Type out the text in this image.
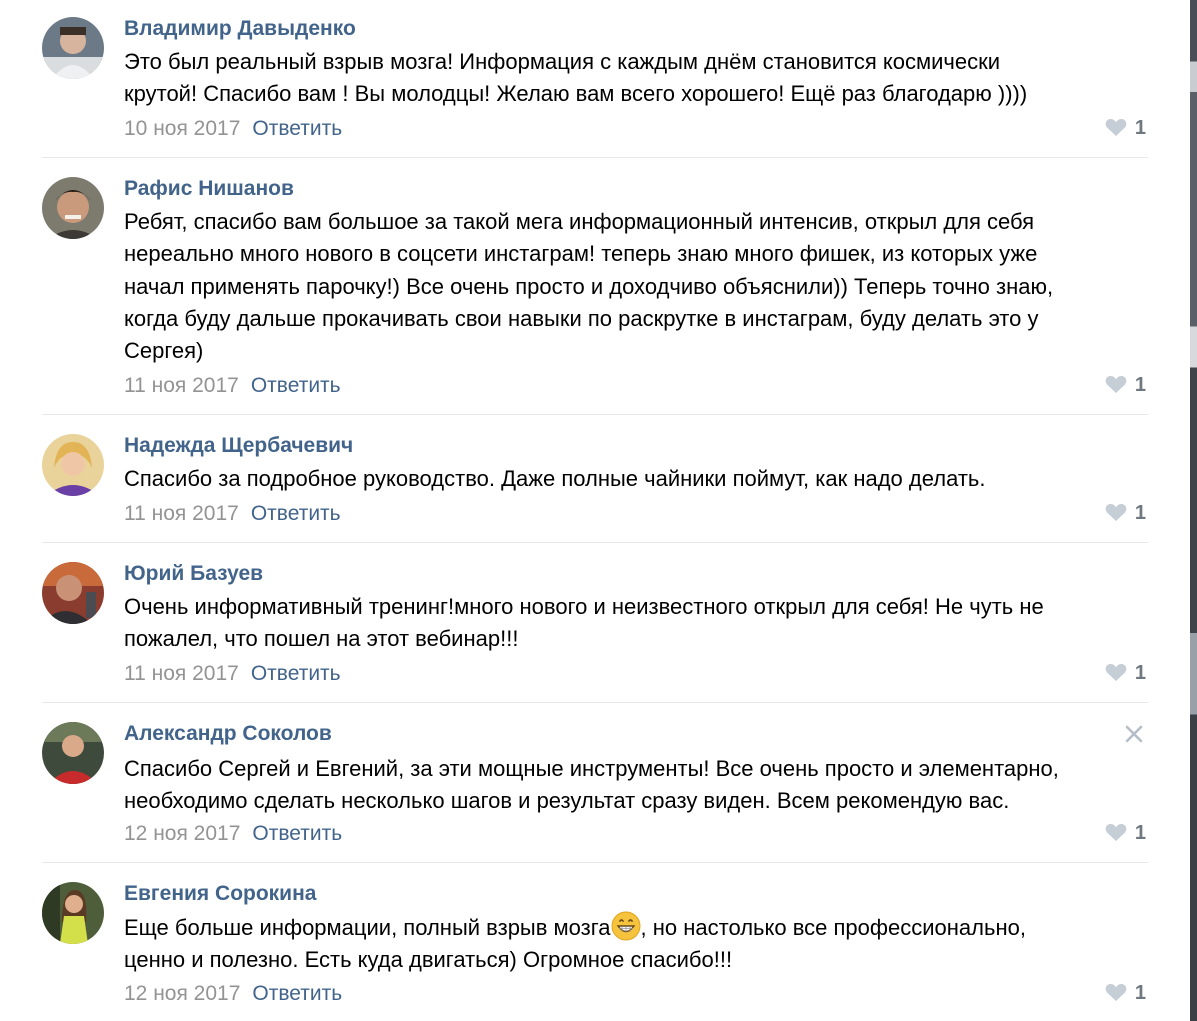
Владимир Давыденко
Это был реальный взрыв мозга! Информация с каждым днём становится космически
крутой! Спасибо вам ! Вы молодцы! Желаю вам всего хорошего! Ещё раз благодарю ))))
10 ноя 2017 Ответить	1
Рафис Нишанов
Ребят, спасибо вам большое за такой мега информационный интенсив, открыл для себя
нереально много нового в соцсети инстаграм! теперь знаю много фишек, из которых уже
начал применять парочку!) Все очень просто и доходчиво объяснили)) Теперь точно знаю,
когда буду дальше прокачивать свои навыки по раскрутке в инстаграм, буду делать это у
Сергея)
11 ноя 2017 Ответить	1
Надежда Щербачевич
Спасибо за подробное руководство. Даже полные чайники поймут, как надо делать.
11 ноя 2017 Ответить	1
Юрий Базуев
Очень информативный тренинг!много нового и неизвестного открыл для себя! Не чуть не
пожалел, что пошел на этот вебинар!!!
11 ноя 2017 Ответить	1
Александр Соколов
Спасибо Сергей и Евгений, за эти мощные инструменты! Все очень просто и элементарно,
необходимо сделать несколько шагов и результат сразу виден. Всем рекомендую вас.
12 ноя 2017 Ответить	1
Евгения Сорокина
Еще больше информации, полный взрыв мозга , но настолько все профессионально,
ценно и полезно. Есть куда двигаться) Огромное спасибо!!!
12 ноя 2017 Ответить	1
